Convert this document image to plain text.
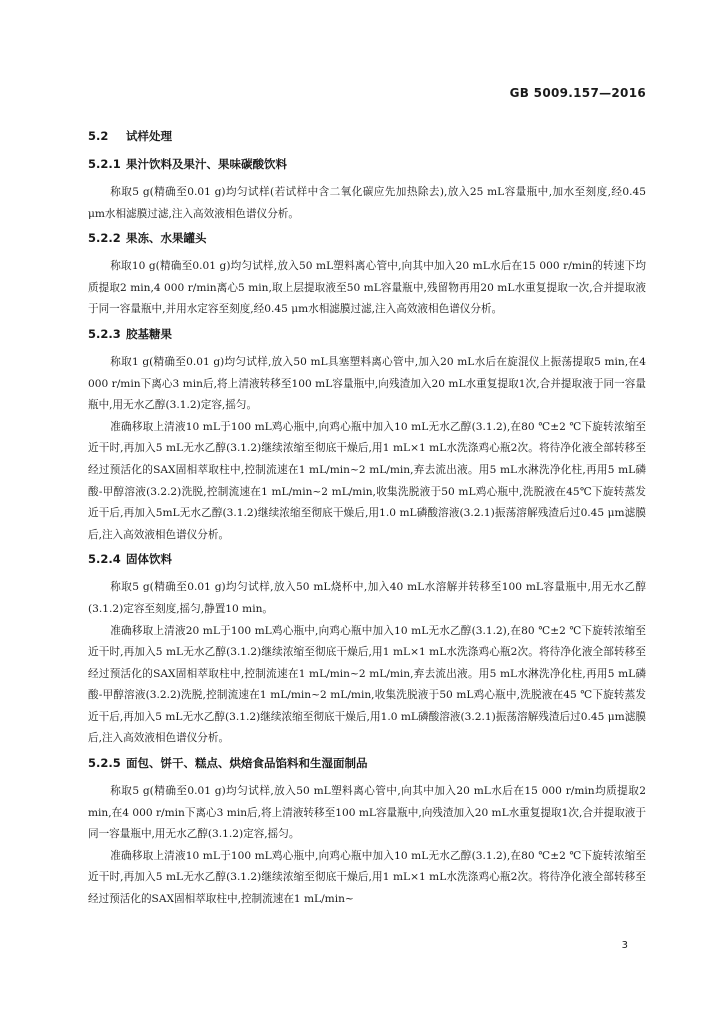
GB 5009.157—2016
5.2 试样处理
5.2.1 果汁饮料及果汁、果味碳酸饮料

称取5 g(精确至0.01 g)均匀试样(若试样中含二氧化碳应先加热除去),放入25 mL容量瓶中,加水至刻度,经0.45 μm水相滤膜过滤,注入高效液相色谱仪分析。

5.2.2 果冻、水果罐头

称取10 g(精确至0.01 g)均匀试样,放入50 mL塑料离心管中,向其中加入20 mL水后在15 000 r/min的转速下均质提取2 min,4 000 r/min离心5 min,取上层提取液至50 mL容量瓶中,残留物再用20 mL水重复提取一次,合并提取液于同一容量瓶中,并用水定容至刻度,经0.45 μm水相滤膜过滤,注入高效液相色谱仪分析。

5.2.3 胶基糖果

称取1 g(精确至0.01 g)均匀试样,放入50 mL具塞塑料离心管中,加入20 mL水后在旋混仪上振荡提取5 min,在4 000 r/min下离心3 min后,将上清液转移至100 mL容量瓶中,向残渣加入20 mL水重复提取1次,合并提取液于同一容量瓶中,用无水乙醇(3.1.2)定容,摇匀。

准确移取上清液10 mL于100 mL鸡心瓶中,向鸡心瓶中加入10 mL无水乙醇(3.1.2),在80 ℃±2 ℃下旋转浓缩至近干时,再加入5 mL无水乙醇(3.1.2)继续浓缩至彻底干燥后,用1 mL×1 mL水洗涤鸡心瓶2次。将待净化液全部转移至经过预活化的SAX固相萃取柱中,控制流速在1 mL/min~2 mL/min,弃去流出液。用5 mL水淋洗净化柱,再用5 mL磷酸-甲醇溶液(3.2.2)洗脱,控制流速在1 mL/min~2 mL/min,收集洗脱液于50 mL鸡心瓶中,洗脱液在45℃下旋转蒸发近干后,再加入5mL无水乙醇(3.1.2)继续浓缩至彻底干燥后,用1.0 mL磷酸溶液(3.2.1)振荡溶解残渣后过0.45 μm滤膜后,注入高效液相色谱仪分析。

5.2.4 固体饮料

称取5 g(精确至0.01 g)均匀试样,放入50 mL烧杯中,加入40 mL水溶解并转移至100 mL容量瓶中,用无水乙醇(3.1.2)定容至刻度,摇匀,静置10 min。

准确移取上清液20 mL于100 mL鸡心瓶中,向鸡心瓶中加入10 mL无水乙醇(3.1.2),在80 ℃±2 ℃下旋转浓缩至近干时,再加入5 mL无水乙醇(3.1.2)继续浓缩至彻底干燥后,用1 mL×1 mL水洗涤鸡心瓶2次。将待净化液全部转移至经过预活化的SAX固相萃取柱中,控制流速在1 mL/min~2 mL/min,弃去流出液。用5 mL水淋洗净化柱,再用5 mL磷酸-甲醇溶液(3.2.2)洗脱,控制流速在1 mL/min~2 mL/min,收集洗脱液于50 mL鸡心瓶中,洗脱液在45 ℃下旋转蒸发近干后,再加入5 mL无水乙醇(3.1.2)继续浓缩至彻底干燥后,用1.0 mL磷酸溶液(3.2.1)振荡溶解残渣后过0.45 μm滤膜后,注入高效液相色谱仪分析。

5.2.5 面包、饼干、糕点、烘焙食品馅料和生湿面制品

称取5 g(精确至0.01 g)均匀试样,放入50 mL塑料离心管中,向其中加入20 mL水后在15 000 r/min均质提取2 min,在4 000 r/min下离心3 min后,将上清液转移至100 mL容量瓶中,向残渣加入20 mL水重复提取1次,合并提取液于同一容量瓶中,用无水乙醇(3.1.2)定容,摇匀。

准确移取上清液10 mL于100 mL鸡心瓶中,向鸡心瓶中加入10 mL无水乙醇(3.1.2),在80 ℃±2 ℃下旋转浓缩至近干时,再加入5 mL无水乙醇(3.1.2)继续浓缩至彻底干燥后,用1 mL×1 mL水洗涤鸡心瓶2次。将待净化液全部转移至经过预活化的SAX固相萃取柱中,控制流速在1 mL/min~

3
